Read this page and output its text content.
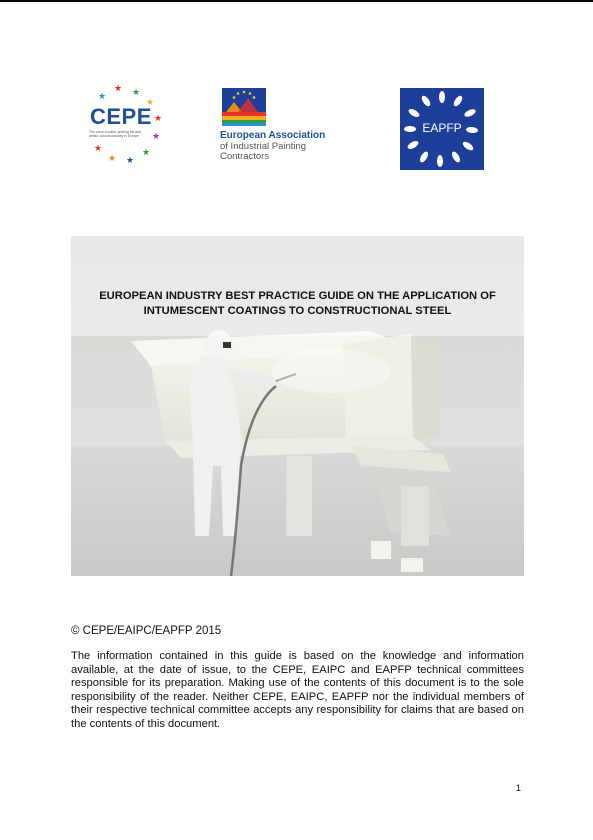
★ ★
★
★
★
★
★
★
★
★
CEPE
The voice of paint, printing ink and artists' colours industry in Europe	European Association
of Industrial Painting
Contractors
EAPFP
EUROPEAN INDUSTRY BEST PRACTICE GUIDE ON THE APPLICATION OF
INTUMESCENT COATINGS TO CONSTRUCTIONAL STEEL
© CEPE/EAIPC/EAPFP 2015
The information contained in this guide is based on the knowledge and information available, at the date of issue, to the CEPE, EAIPC and EAPFP technical committees responsible for its preparation. Making use of the contents of this document is to the sole responsibility of the reader. Neither CEPE, EAIPC, EAPFP nor the individual members of their respective technical committee accepts any responsibility for claims that are based on the contents of this document.
1
